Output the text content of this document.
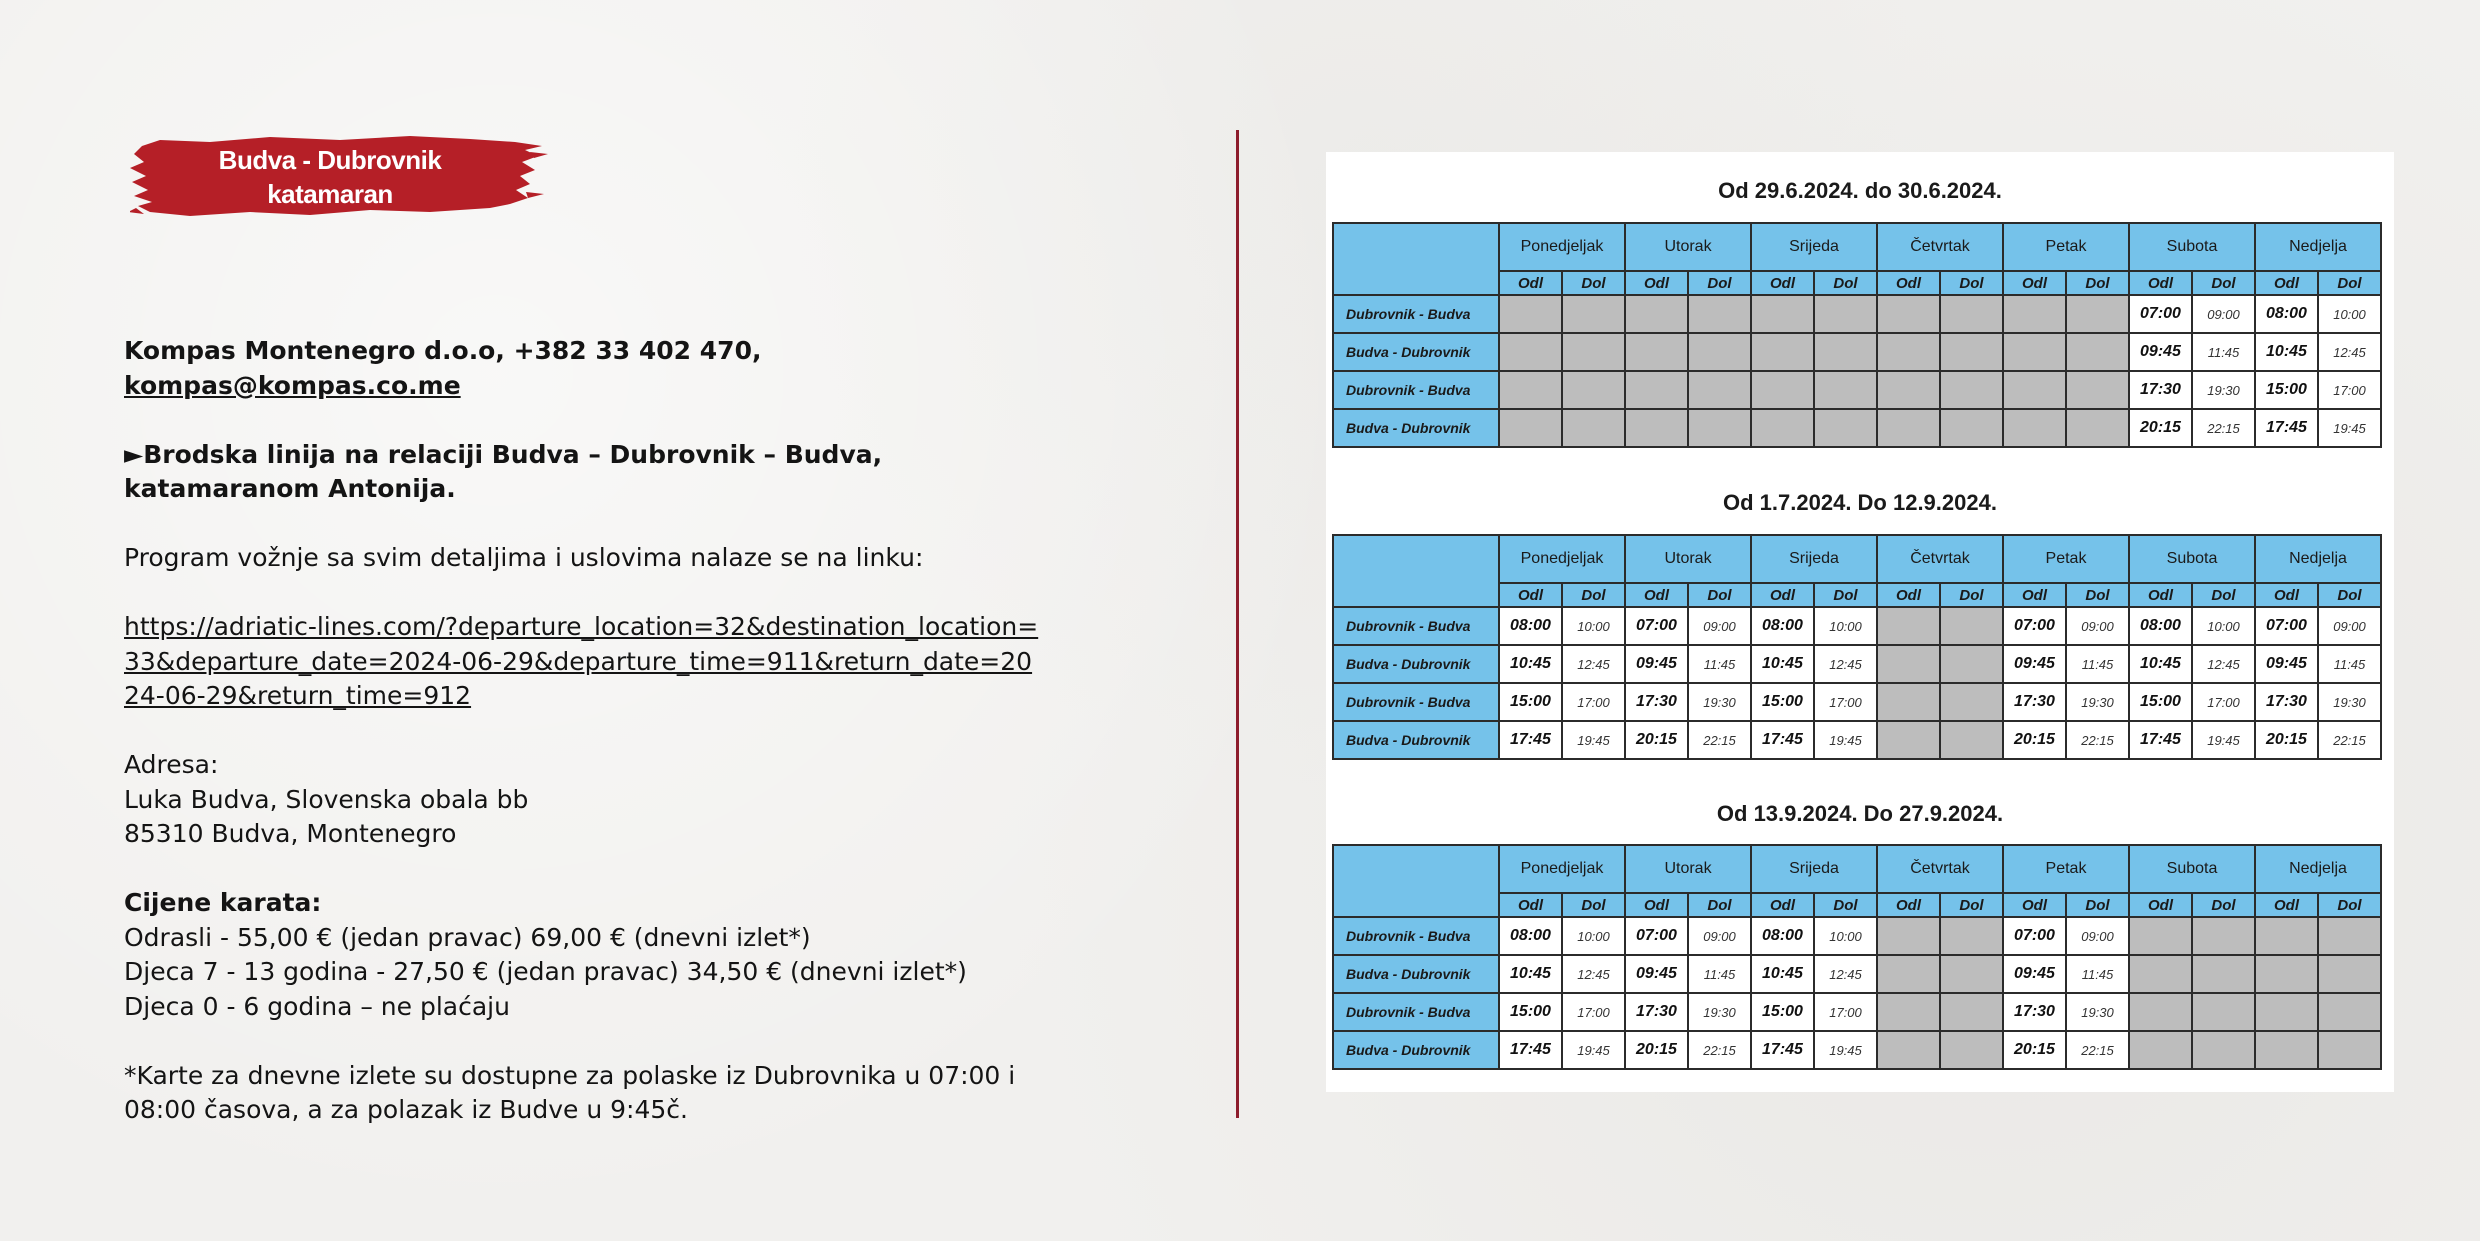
Budva - Dubrovnik
katamaran

Kompas Montenegro d.o.o, +382 33 402 470, kompas@kompas.co.me

►Brodska linija na relaciji Budva – Dubrovnik – Budva, katamaranom Antonija.

Program vožnje sa svim detaljima i uslovima nalaze se na linku:

https://adriatic-lines.com/?departure_location=32&destination_location=33&departure_date=2024-06-29&departure_time=911&return_date=2024-06-29&return_time=912

Adresa:
Luka Budva, Slovenska obala bb
85310 Budva, Montenegro

Cijene karata:
Odrasli - 55,00 € (jedan pravac) 69,00 € (dnevni izlet*)
Djeca 7 - 13 godina - 27,50 € (jedan pravac) 34,50 € (dnevni izlet*)
Djeca 0 - 6 godina – ne plaćaju

*Karte za dnevne izlete su dostupne za polaske iz Dubrovnika u 07:00 i 08:00 časova, a za polazak iz Budve u 9:45č.

Od 29.6.2024. do 30.6.2024.
	Ponedjeljak		Utorak		Srijeda		Četvrtak		Petak		Subota		Nedjelja	
	Odl	Dol	Odl	Dol	Odl	Dol	Odl	Dol	Odl	Dol	Odl	Dol	Odl	Dol
Dubrovnik - Budva											07:00	09:00	08:00	10:00
Budva - Dubrovnik											09:45	11:45	10:45	12:45
Dubrovnik - Budva											17:30	19:30	15:00	17:00
Budva - Dubrovnik											20:15	22:15	17:45	19:45
Od 1.7.2024. Do 12.9.2024.
	Ponedjeljak		Utorak		Srijeda		Četvrtak		Petak		Subota		Nedjelja	
	Odl	Dol	Odl	Dol	Odl	Dol	Odl	Dol	Odl	Dol	Odl	Dol	Odl	Dol
Dubrovnik - Budva	08:00	10:00	07:00	09:00	08:00	10:00			07:00	09:00	08:00	10:00	07:00	09:00
Budva - Dubrovnik	10:45	12:45	09:45	11:45	10:45	12:45			09:45	11:45	10:45	12:45	09:45	11:45
Dubrovnik - Budva	15:00	17:00	17:30	19:30	15:00	17:00			17:30	19:30	15:00	17:00	17:30	19:30
Budva - Dubrovnik	17:45	19:45	20:15	22:15	17:45	19:45			20:15	22:15	17:45	19:45	20:15	22:15
Od 13.9.2024. Do 27.9.2024.
	Ponedjeljak		Utorak		Srijeda		Četvrtak		Petak		Subota		Nedjelja	
	Odl	Dol	Odl	Dol	Odl	Dol	Odl	Dol	Odl	Dol	Odl	Dol	Odl	Dol
Dubrovnik - Budva	08:00	10:00	07:00	09:00	08:00	10:00			07:00	09:00				
Budva - Dubrovnik	10:45	12:45	09:45	11:45	10:45	12:45			09:45	11:45				
Dubrovnik - Budva	15:00	17:00	17:30	19:30	15:00	17:00			17:30	19:30				
Budva - Dubrovnik	17:45	19:45	20:15	22:15	17:45	19:45			20:15	22:15				
